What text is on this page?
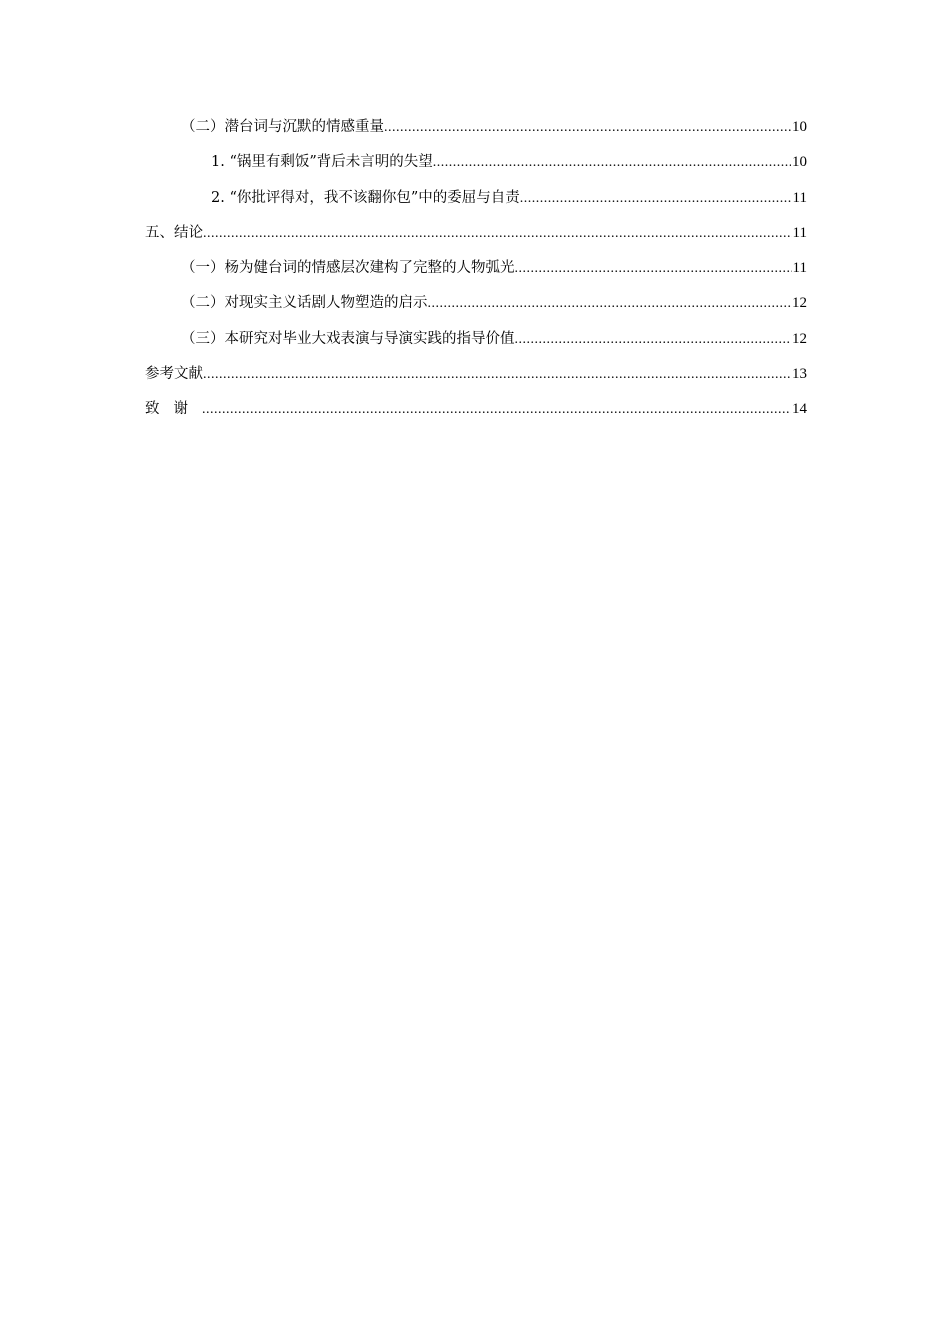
（二）潜台词与沉默的情感重量 .....	10
1. “锅里有剩饭”背后未言明的失望 .....	10
2. “你批评得对，我不该翻你包”中的委屈与自责 .....	11
五、结论 .....	11
（一）杨为健台词的情感层次建构了完整的人物弧光 .....	11
（二）对现实主义话剧人物塑造的启示 .....	12
（三）本研究对毕业大戏表演与导演实践的指导价值 .....	12
参考文献 .....	13
致谢 .....	14
